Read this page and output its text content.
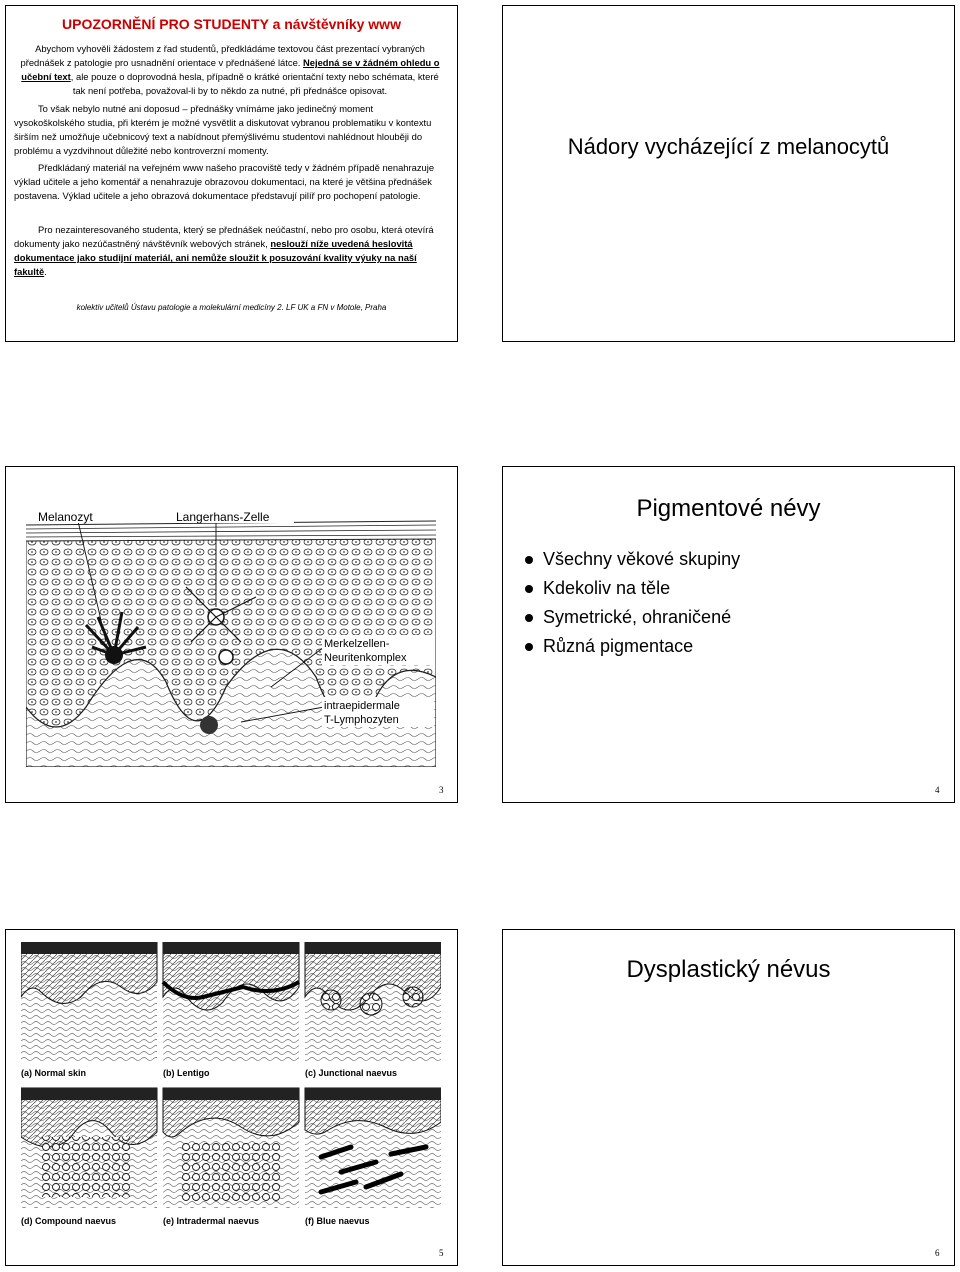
UPOZORNĚNÍ PRO STUDENTY a návštěvníky www

Abychom vyhověli žádostem z řad studentů, předkládáme textovou část prezentací vybraných přednášek z patologie pro usnadnění orientace v přednášené látce. Nejedná se v žádném ohledu o učební text, ale pouze o doprovodná hesla, případně o krátké orientační texty nebo schémata, které tak není potřeba, považoval-li by to někdo za nutné, při přednášce opisovat.

To však nebylo nutné ani doposud – přednášky vnímáme jako jedinečný moment vysokoškolského studia, při kterém je možné vysvětlit a diskutovat vybranou problematiku v kontextu širším než umožňuje učebnicový text a nabídnout přemýšlivému studentovi nahlédnout hlouběji do problému a vyzdvihnout důležité nebo kontroverzní momenty.

Předkládaný materiál na veřejném www našeho pracoviště tedy v žádném případě nenahrazuje výklad učitele a jeho komentář a nenahrazuje obrazovou dokumentaci, na které je většina přednášek postavena. Výklad učitele a jeho obrazová dokumentace představují pilíř pro pochopení patologie.

Pro nezainteresovaného studenta, který se přednášek neúčastní, nebo pro osobu, která otevírá dokumenty jako nezúčastněný návštěvník webových stránek, neslouží níže uvedená heslovitá dokumentace jako studijní materiál, ani nemůže sloužit k posuzování kvality výuky na naší fakultě.

kolektiv učitelů Ústavu patologie a molekulární medicíny 2. LF UK a FN v Motole, Praha
Nádory vycházející z melanocytů
Melanozyt	Langerhans-Zelle
Merkelzellen-
Neuritenkomplex
intraepidermale
T-Lymphozyten
3
Pigmentové névy
Všechny věkové skupiny
Kdekoliv na těle
Symetrické, ohraničené
Různá pigmentace
4
(a) Normal skin	(b) Lentigo	(c) Junctional naevus
(d) Compound naevus	(e) Intradermal naevus	(f) Blue naevus
5
Dysplastický névus
6
